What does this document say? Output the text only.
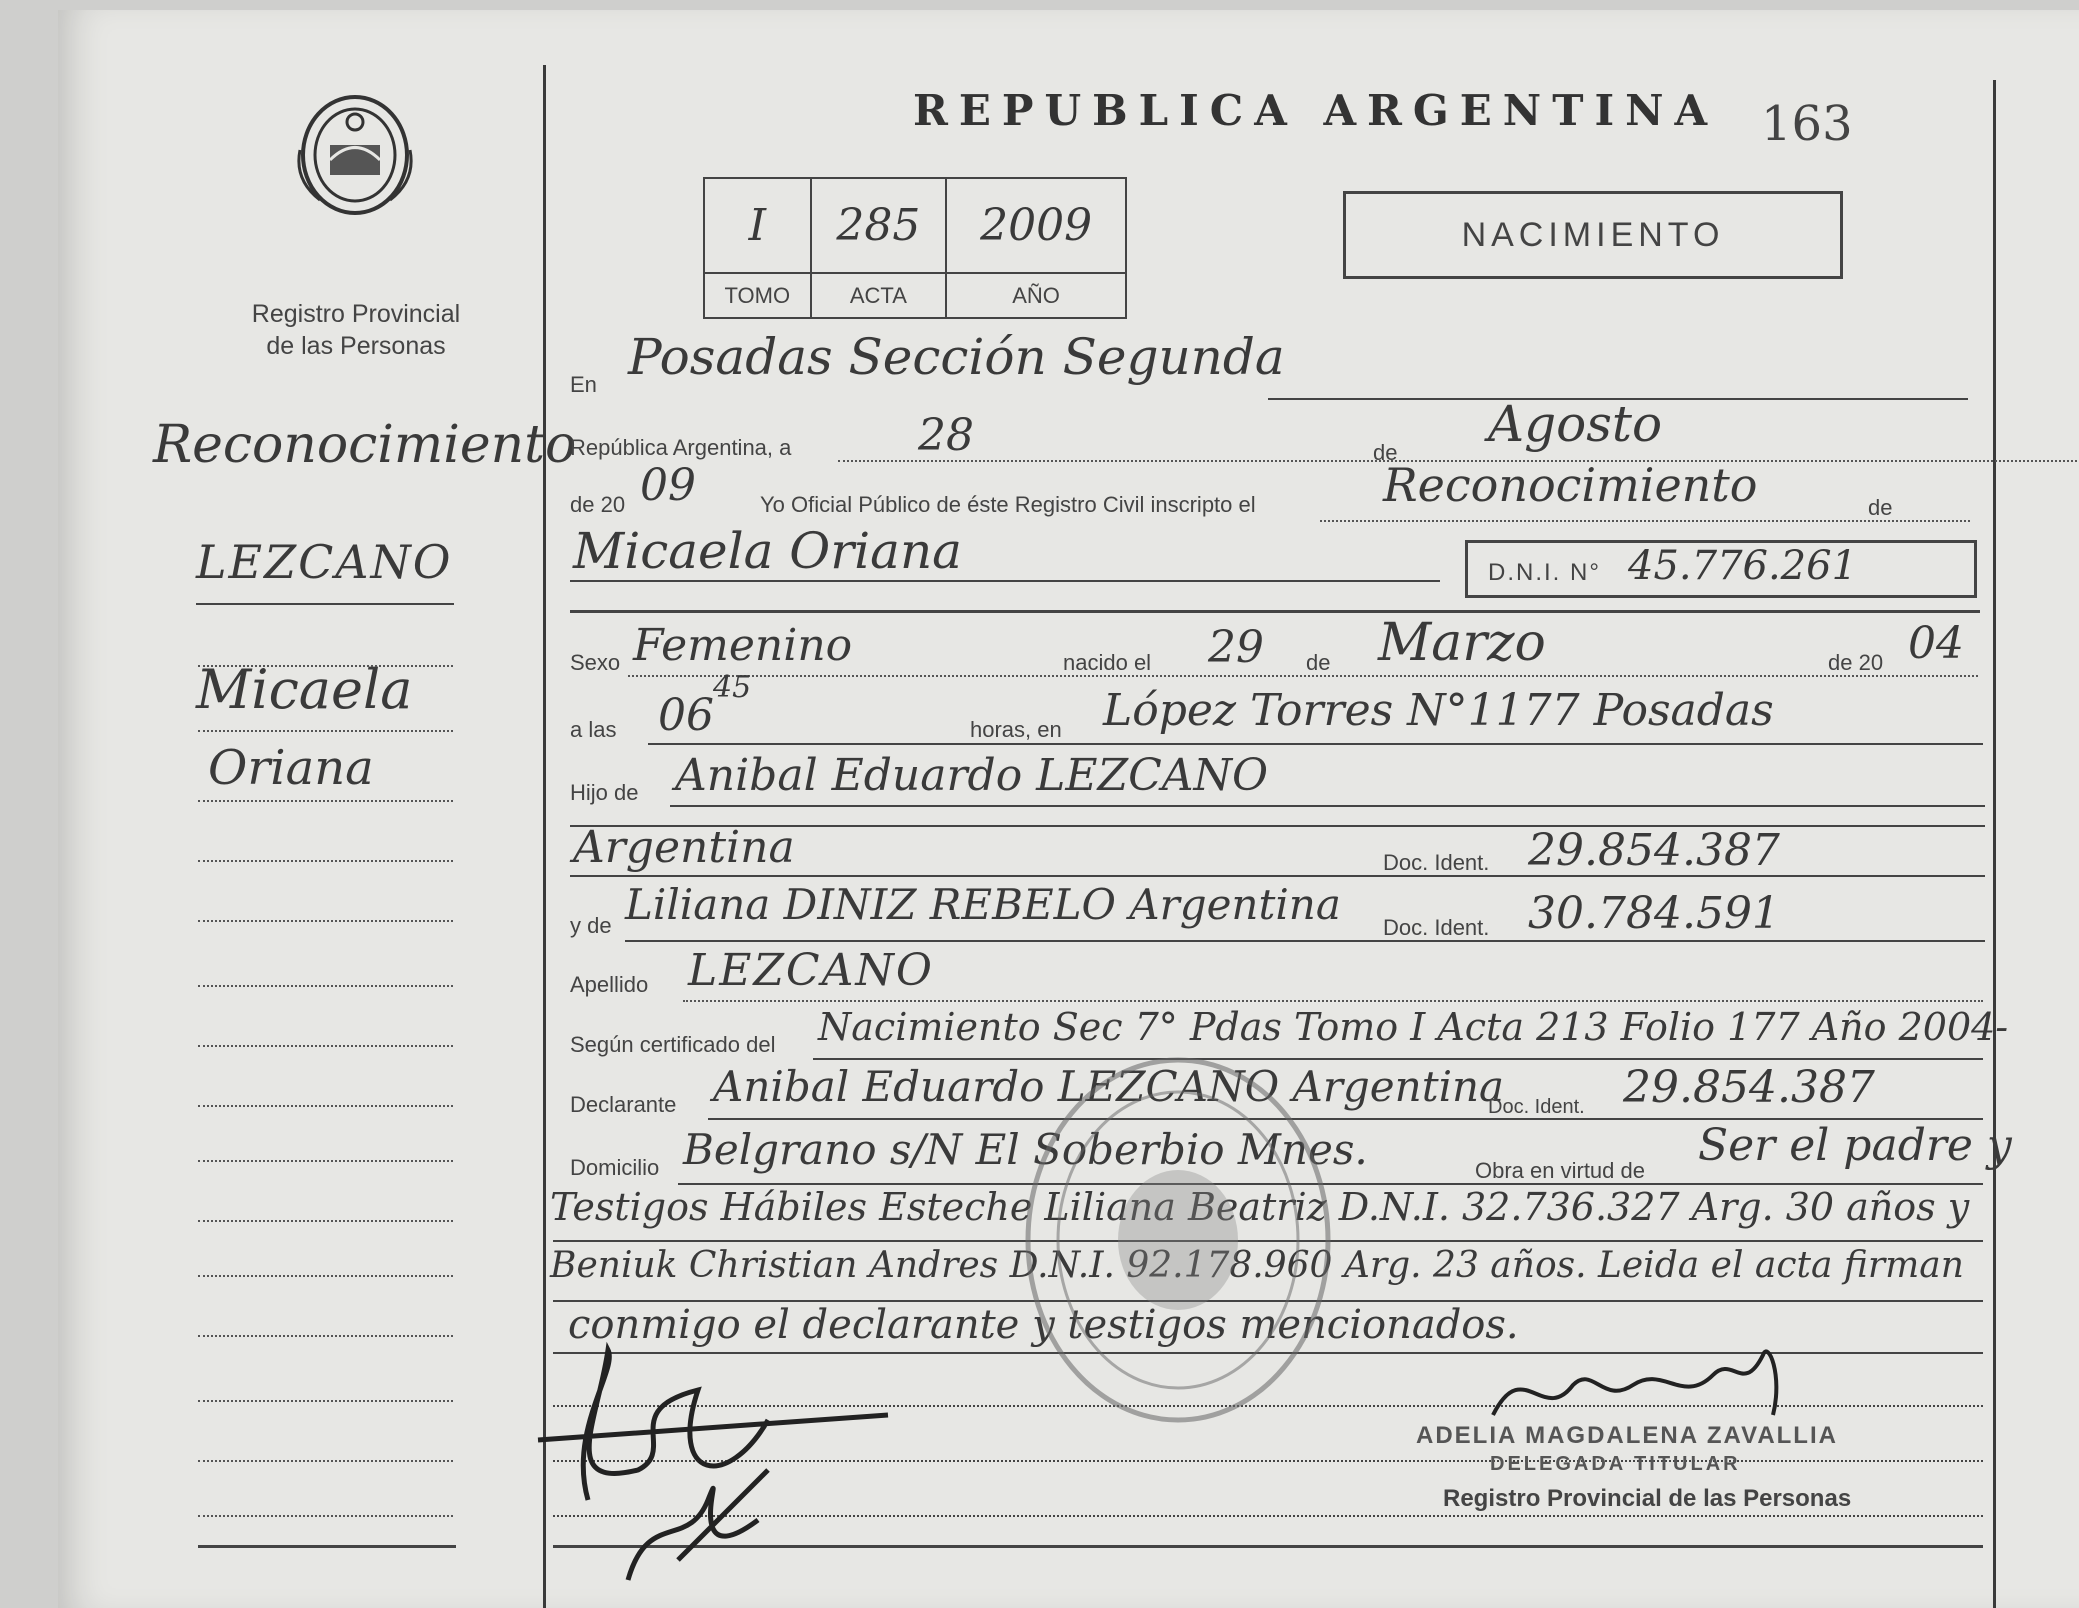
Registro Provincial
de las Personas
Reconocimiento
LEZCANO
Micaela
Oriana
REPUBLICA ARGENTINA 163
I	285	2009
TOMO	ACTA	AÑO
NACIMIENTO
En Posadas Sección Segunda
República Argentina, a	28	de Agosto
de 20 09	Yo Oficial Público de éste Registro Civil inscripto el	Reconocimiento	de
Micaela Oriana	D.N.I. N° 45.776.261
Sexo Femenino	nacido el 29 de Marzo	de 20 04
a las 06
45
horas, en López Torres N°1177 Posadas
Hijo de Anibal Eduardo LEZCANO
Argentina	Doc. Ident. 29.854.387
y de Liliana DINIZ REBELO Argentina Doc. Ident. 30.784.591
Apellido LEZCANO
Según certificado del Nacimiento Sec 7° Pdas Tomo I Acta 213 Folio 177 Año 2004-
Declarante Anibal Eduardo LEZCANO Argentina
Doc. Ident. 29.854.387
Domicilio Belgrano s/N El Soberbio Mnes.	Obra en virtud de Ser el padre y
Testigos Hábiles Esteche Liliana Beatriz D.N.I. 32.736.327 Arg. 30 años y
Beniuk Christian Andres D.N.I. 92.178.960 Arg. 23 años. Leida el acta firman
conmigo el declarante y testigos mencionados.
ADELIA MAGDALENA ZAVALLIA
DELEGADA TITULAR
Registro Provincial de las Personas
